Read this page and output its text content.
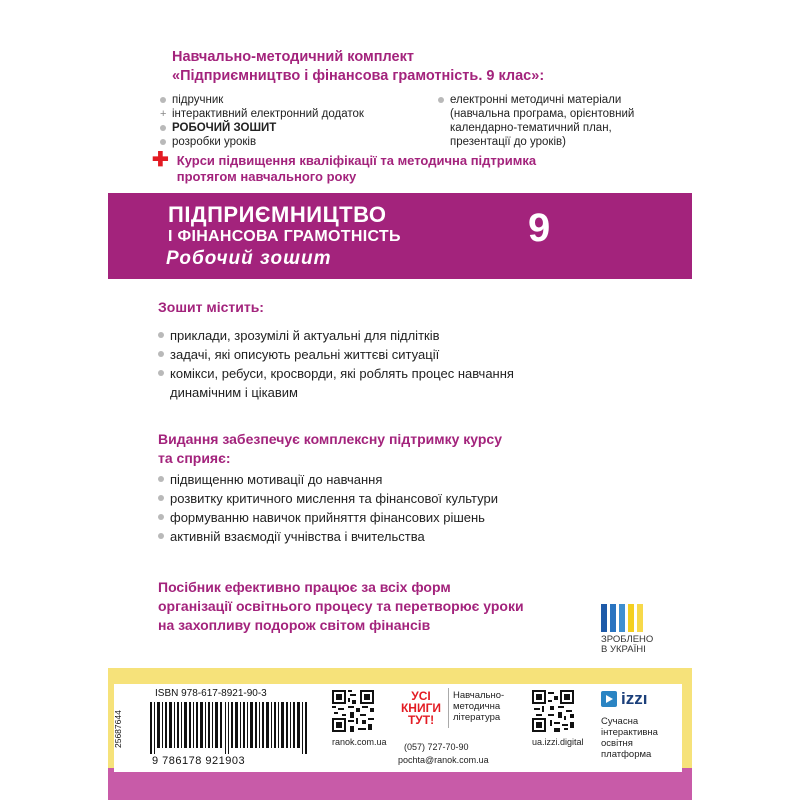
Навчально-методичний комплект
«Підприємництво і фінансова грамотність. 9 клас»:
підручник
+ інтерактивний електронний додаток
РОБОЧИЙ ЗОШИТ
розробки уроків
електронні методичні матеріали
(навчальна програма, орієнтовний
календарно-тематичний план,
презентації до уроків)
✚ Курси підвищення кваліфікації та методична підтримка
протягом навчального року
ПІДПРИЄМНИЦТВО
І ФІНАНСОВА ГРАМОТНІСТЬ
Робочий зошит
9
Зошит містить:
приклади, зрозумілі й актуальні для підлітків
задачі, які описують реальні життєві ситуації
комікси, ребуси, кросворди, які роблять процес навчання динамічним і цікавим
Видання забезпечує комплексну підтримку курсу
та сприяє:
підвищенню мотивації до навчання
розвитку критичного мислення та фінансової культури
формуванню навичок прийняття фінансових рішень
активній взаємодії учнівства і вчительства
Посібник ефективно працює за всіх форм
організації освітнього процесу та перетворює уроки
на захопливу подорож світом фінансів
ЗРОБЛЕНО
В УКРАЇНІ
25687644
ISBN 978-617-8921-90-3
9 786178 921903
ranok.com.ua
УСІ
КНИГИ
ТУТ!
Навчально-
методична
література
(057) 727-70-90
pochta@ranok.com.ua
ua.izzi.digital
izzı
Сучасна
інтерактивна
освітня
платформа
